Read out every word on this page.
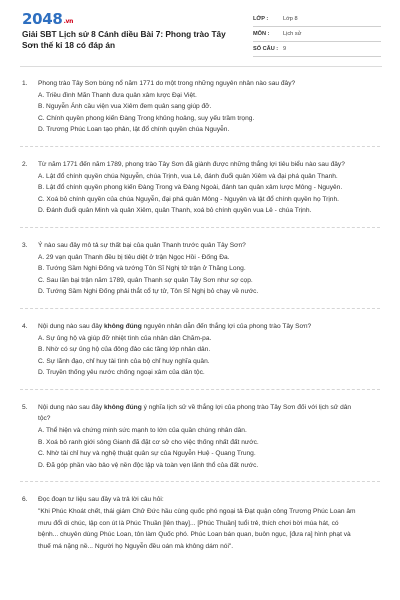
$2048^{.vn}$
Giải SBT Lịch sử 8 Cánh diều Bài 7: Phong trào Tây Sơn thế kỉ 18 có đáp án
LỚP :	Lớp 8
MÔN :	Lịch sử
SỐ CÂU : 9
1. Phong trào Tây Sơn bùng nổ năm 1771 do một trong những nguyên nhân nào sau đây?
A. Triều đình Mãn Thanh đưa quân xâm lược Đại Việt.
B. Nguyễn Ánh cầu viện vua Xiêm đem quân sang giúp đỡ.
C. Chính quyền phong kiến Đàng Trong khủng hoảng, suy yếu trầm trọng.
D. Trương Phúc Loan tạo phản, lật đổ chính quyền chúa Nguyễn.
2. Từ năm 1771 đến năm 1789, phong trào Tây Sơn đã giành được những thắng lợi tiêu biểu nào sau đây?
A. Lật đổ chính quyền chúa Nguyễn, chúa Trịnh, vua Lê, đánh đuổi quân Xiêm và đại phá quân Thanh.
B. Lật đổ chính quyền phong kiến Đàng Trong và Đàng Ngoài, đánh tan quân xâm lược Mông - Nguyên.
C. Xoá bỏ chính quyền của chúa Nguyễn, đại phá quân Mông - Nguyên và lật đổ chính quyền họ Trịnh.
D. Đánh đuổi quân Minh và quân Xiêm, quân Thanh, xoá bỏ chính quyền vua Lê - chúa Trịnh.
3. Ý nào sau đây mô tả sự thất bại của quân Thanh trước quân Tây Sơn?
A. 29 vạn quân Thanh đều bị tiêu diệt ở trận Ngọc Hồi - Đống Đa.
B. Tướng Sầm Nghi Đống và tướng Tôn Sĩ Nghị tử trận ở Thăng Long.
C. Sau lần bại trận năm 1789, quân Thanh sợ quân Tây Sơn như sợ cọp.
D. Tướng Sầm Nghi Đống phải thắt cổ tự tử, Tôn Sĩ Nghị bỏ chạy về nước.
4. Nội dung nào sau đây không đúng nguyên nhân dẫn đến thắng lợi của phong trào Tây Sơn?
A. Sự ủng hộ và giúp đỡ nhiệt tình của nhân dân Chăm-pa.
B. Nhờ có sự ủng hộ của đông đảo các tầng lớp nhân dân.
C. Sự lãnh đạo, chỉ huy tài tình của bộ chỉ huy nghĩa quân.
D. Truyền thống yêu nước chống ngoại xâm của dân tộc.
5. Nội dung nào sau đây không đúng ý nghĩa lịch sử về thắng lợi của phong trào Tây Sơn đối với lịch sử dân tộc?
A. Thể hiện và chứng minh sức mạnh to lớn của quần chúng nhân dân.
B. Xoá bỏ ranh giới sông Gianh đã đặt cơ sở cho việc thống nhất đất nước.
C. Nhờ tài chỉ huy và nghệ thuật quân sự của Nguyễn Huệ - Quang Trung.
D. Đã góp phần vào bảo vệ nền độc lập và toàn vẹn lãnh thổ của đất nước.
6. Đọc đoạn tư liệu sau đây và trả lời câu hỏi:
"Khi Phúc Khoát chết, thái giám Chử Đức hầu cùng quốc phó ngoại tả Đạt quận công Trương Phúc Loan âm mưu đổi di chúc, lập con út là Phúc Thuần [lên thay]... [Phúc Thuần] tuổi trẻ, thích chơi bời múa hát, có bệnh... chuyên dùng Phúc Loan, tôn làm Quốc phó. Phúc Loan bán quan, buôn ngục, [đưa ra] hình phạt và thuế má nặng nề... Người họ Nguyễn đều oán mà không dám nói".
